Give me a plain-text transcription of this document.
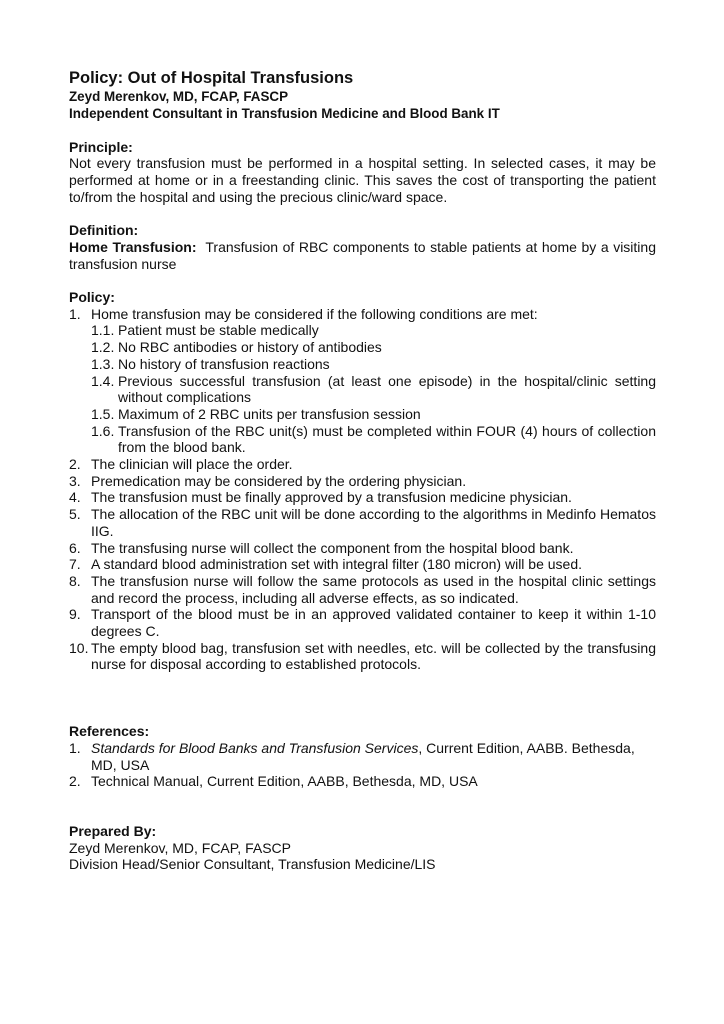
Policy: Out of Hospital Transfusions
Zeyd Merenkov, MD, FCAP, FASCP
Independent Consultant in Transfusion Medicine and Blood Bank IT
Principle:
Not every transfusion must be performed in a hospital setting. In selected cases, it may be performed at home or in a freestanding clinic. This saves the cost of transporting the patient to/from the hospital and using the precious clinic/ward space.
Definition:
Home Transfusion:  Transfusion of RBC components to stable patients at home by a visiting transfusion nurse
Policy:
1. Home transfusion may be considered if the following conditions are met:
1.1. Patient must be stable medically
1.2. No RBC antibodies or history of antibodies
1.3. No history of transfusion reactions
1.4. Previous successful transfusion (at least one episode) in the hospital/clinic setting without complications
1.5. Maximum of 2 RBC units per transfusion session
1.6. Transfusion of the RBC unit(s) must be completed within FOUR (4) hours of collection from the blood bank.
2. The clinician will place the order.
3. Premedication may be considered by the ordering physician.
4. The transfusion must be finally approved by a transfusion medicine physician.
5. The allocation of the RBC unit will be done according to the algorithms in Medinfo Hematos IIG.
6. The transfusing nurse will collect the component from the hospital blood bank.
7. A standard blood administration set with integral filter (180 micron) will be used.
8. The transfusion nurse will follow the same protocols as used in the hospital clinic settings and record the process, including all adverse effects, as so indicated.
9. Transport of the blood must be in an approved validated container to keep it within 1-10 degrees C.
10. The empty blood bag, transfusion set with needles, etc. will be collected by the transfusing nurse for disposal according to established protocols.
References:
1. Standards for Blood Banks and Transfusion Services, Current Edition, AABB. Bethesda, MD, USA
2. Technical Manual, Current Edition, AABB, Bethesda, MD, USA
Prepared By:
Zeyd Merenkov, MD, FCAP, FASCP
Division Head/Senior Consultant, Transfusion Medicine/LIS
